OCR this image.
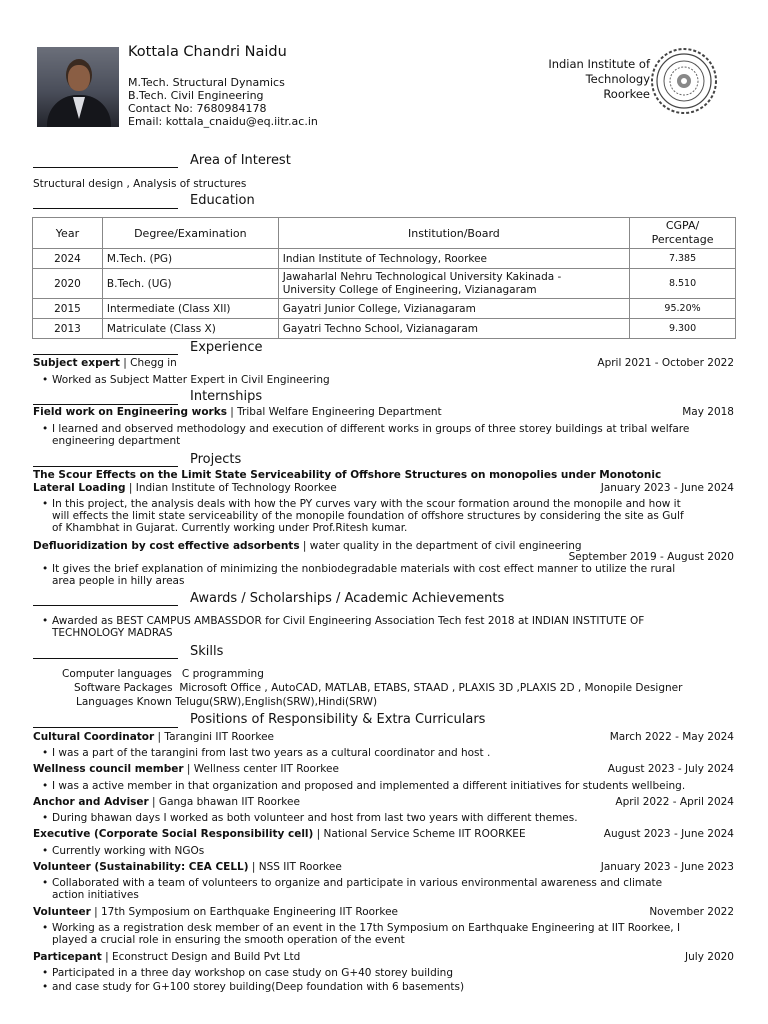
Kottala Chandri Naidu
M.Tech. Structural Dynamics
B.Tech. Civil Engineering
Contact No: 7680984178
Email: kottala_cnaidu@eq.iitr.ac.in
Indian Institute of
Technology
Roorkee
Area of Interest
Structural design , Analysis of structures
Education
Year	Degree/Examination	Institution/Board	CGPA/
Percentage

2024	M.Tech. (PG)	Indian Institute of Technology, Roorkee	7.385
2020	B.Tech. (UG)	Jawaharlal Nehru Technological University Kakinada -
University College of Engineering, Vizianagaram	8.510
2015	Intermediate (Class XII)	Gayatri Junior College, Vizianagaram	95.20%
2013	Matriculate (Class X)	Gayatri Techno School, Vizianagaram	9.300
Experience
Subject expert | Chegg in	April 2021 - October 2022
• Worked as Subject Matter Expert in Civil Engineering
Internships
Field work on Engineering works | Tribal Welfare Engineering Department	May 2018
• I learned and observed methodology and execution of different works in groups of three storey buildings at tribal welfare
engineering department
Projects
The Scour Effects on the Limit State Serviceability of Offshore Structures on monopolies under Monotonic
Lateral Loading | Indian Institute of Technology Roorkee	January 2023 - June 2024
• In this project, the analysis deals with how the PY curves vary with the scour formation around the monopile and how it
will effects the limit state serviceability of the monopile foundation of offshore structures by considering the site as Gulf
of Khambhat in Gujarat. Currently working under Prof.Ritesh kumar.
Defluoridization by cost effective adsorbents | water quality in the department of civil engineering
September 2019 - August 2020
• It gives the brief explanation of minimizing the nonbiodegradable materials with cost effect manner to utilize the rural
area people in hilly areas
Awards / Scholarships / Academic Achievements
• Awarded as BEST CAMPUS AMBASSDOR for Civil Engineering Association Tech fest 2018 at INDIAN INSTITUTE OF
TECHNOLOGY MADRAS
Skills
Computer languages C programming
Software Packages Microsoft Office , AutoCAD, MATLAB, ETABS, STAAD , PLAXIS 3D ,PLAXIS 2D , Monopile Designer
Languages Known Telugu(SRW),English(SRW),Hindi(SRW)
Positions of Responsibility & Extra Curriculars
Cultural Coordinator | Tarangini IIT Roorkee	March 2022 - May 2024
• I was a part of the tarangini from last two years as a cultural coordinator and host .
Wellness council member | Wellness center IIT Roorkee	August 2023 - July 2024
• I was a active member in that organization and proposed and implemented a different initiatives for students wellbeing.
Anchor and Adviser | Ganga bhawan IIT Roorkee	April 2022 - April 2024
• During bhawan days I worked as both volunteer and host from last two years with different themes.
Executive (Corporate Social Responsibility cell) | National Service Scheme IIT ROORKEE	August 2023 - June 2024
• Currently working with NGOs
Volunteer (Sustainability: CEA CELL) | NSS IIT Roorkee	January 2023 - June 2023
• Collaborated with a team of volunteers to organize and participate in various environmental awareness and climate
action initiatives
Volunteer | 17th Symposium on Earthquake Engineering IIT Roorkee	November 2022
• Working as a registration desk member of an event in the 17th Symposium on Earthquake Engineering at IIT Roorkee, I
played a crucial role in ensuring the smooth operation of the event
Particepant | Econstruct Design and Build Pvt Ltd	July 2020
• Participated in a three day workshop on case study on G+40 storey building
• and case study for G+100 storey building(Deep foundation with 6 basements)
